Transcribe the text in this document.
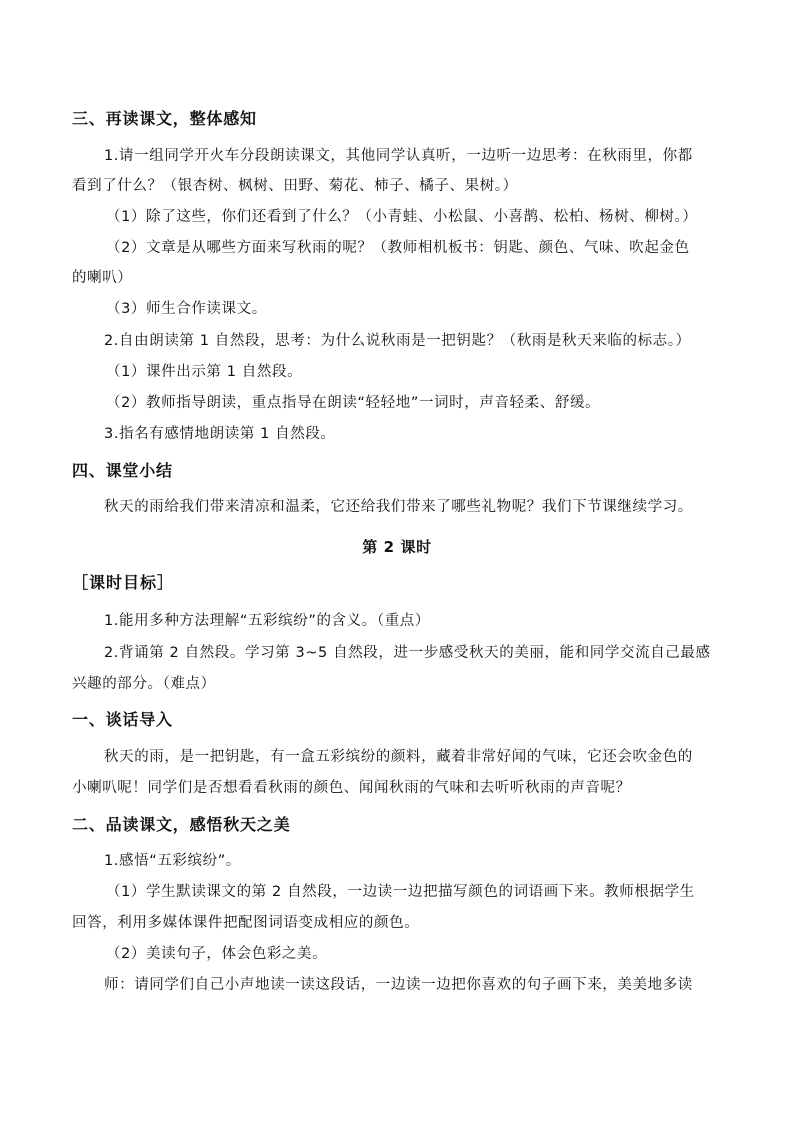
三、再读课文，整体感知
1.请一组同学开火车分段朗读课文，其他同学认真听，一边听一边思考：在秋雨里，你都
看到了什么？（银杏树、枫树、田野、菊花、柿子、橘子、果树。）
（1）除了这些，你们还看到了什么？（小青蛙、小松鼠、小喜鹊、松柏、杨树、柳树。）
（2）文章是从哪些方面来写秋雨的呢？（教师相机板书：钥匙、颜色、气味、吹起金色
的喇叭）
（3）师生合作读课文。
2.自由朗读第 1 自然段，思考：为什么说秋雨是一把钥匙？（秋雨是秋天来临的标志。）
（1）课件出示第 1 自然段。
（2）教师指导朗读，重点指导在朗读“轻轻地”一词时，声音轻柔、舒缓。
3.指名有感情地朗读第 1 自然段。
四、课堂小结
秋天的雨给我们带来清凉和温柔，它还给我们带来了哪些礼物呢？我们下节课继续学习。
第 2 课时
［课时目标］
1.能用多种方法理解“五彩缤纷”的含义。（重点）
2.背诵第 2 自然段。学习第 3~5 自然段，进一步感受秋天的美丽，能和同学交流自己最感
兴趣的部分。（难点）
一、谈话导入
秋天的雨，是一把钥匙，有一盒五彩缤纷的颜料，藏着非常好闻的气味，它还会吹金色的
小喇叭呢！同学们是否想看看秋雨的颜色、闻闻秋雨的气味和去听听秋雨的声音呢？
二、品读课文，感悟秋天之美
1.感悟“五彩缤纷”。
（1）学生默读课文的第 2 自然段，一边读一边把描写颜色的词语画下来。教师根据学生
回答，利用多媒体课件把配图词语变成相应的颜色。
（2）美读句子，体会色彩之美。
师：请同学们自己小声地读一读这段话，一边读一边把你喜欢的句子画下来，美美地多读
